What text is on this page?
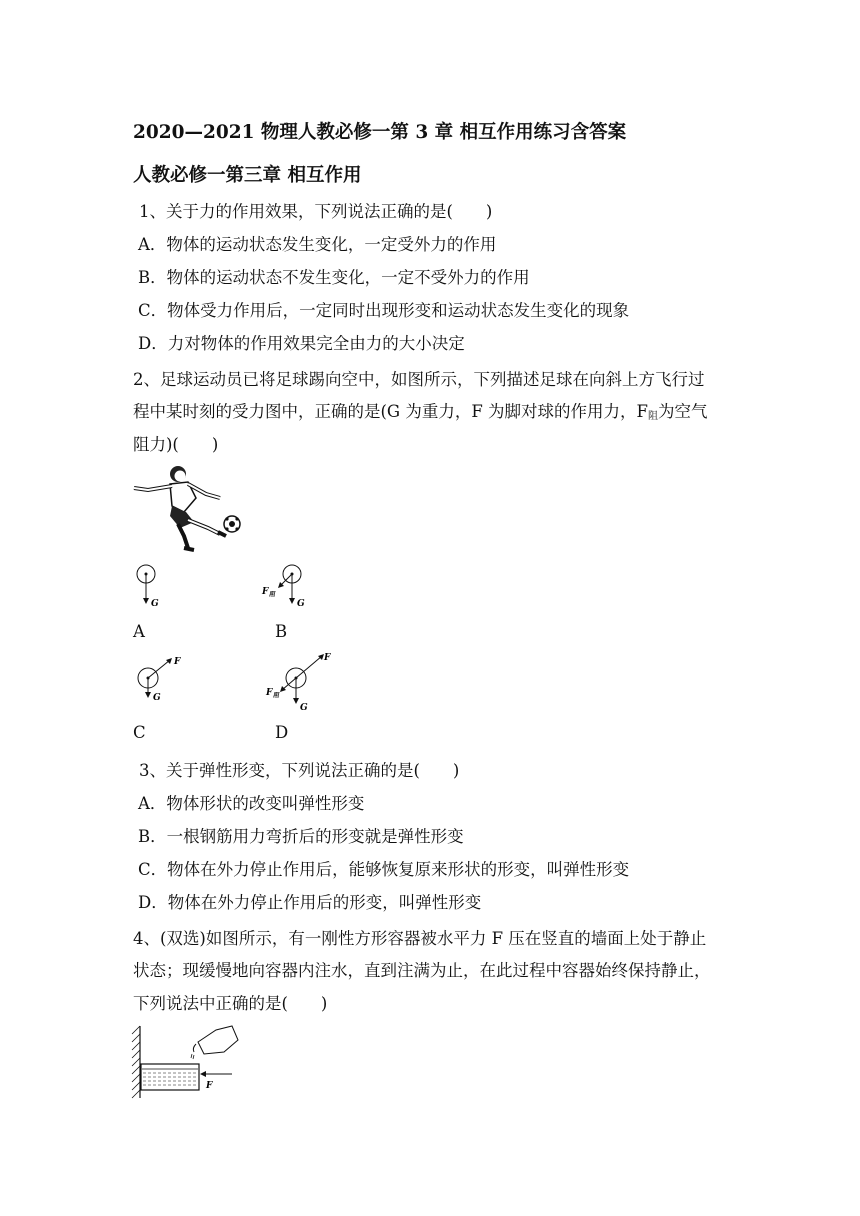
2020—2021 物理人教必修一第 3 章 相互作用练习含答案
人教必修一第三章 相互作用
1、关于力的作用效果，下列说法正确的是(　　)
A．物体的运动状态发生变化，一定受外力的作用
B．物体的运动状态不发生变化，一定不受外力的作用
C．物体受力作用后，一定同时出现形变和运动状态发生变化的现象
D．力对物体的作用效果完全由力的大小决定
2、足球运动员已将足球踢向空中，如图所示，下列描述足球在向斜上方飞行过
程中某时刻的受力图中，正确的是(G 为重力，F 为脚对球的作用力，$F_阻$为空气
阻力)(　　)
G
A
G
F 阻
B
F
G
C
F
G
F 阻
D
3、关于弹性形变，下列说法正确的是(　　)
A．物体形状的改变叫弹性形变
B．一根钢筋用力弯折后的形变就是弹性形变
C．物体在外力停止作用后，能够恢复原来形状的形变，叫弹性形变
D．物体在外力停止作用后的形变，叫弹性形变
4、(双选)如图所示，有一刚性方形容器被水平力 F 压在竖直的墙面上处于静止
状态；现缓慢地向容器内注水，直到注满为止，在此过程中容器始终保持静止，
下列说法中正确的是(　　)
F
